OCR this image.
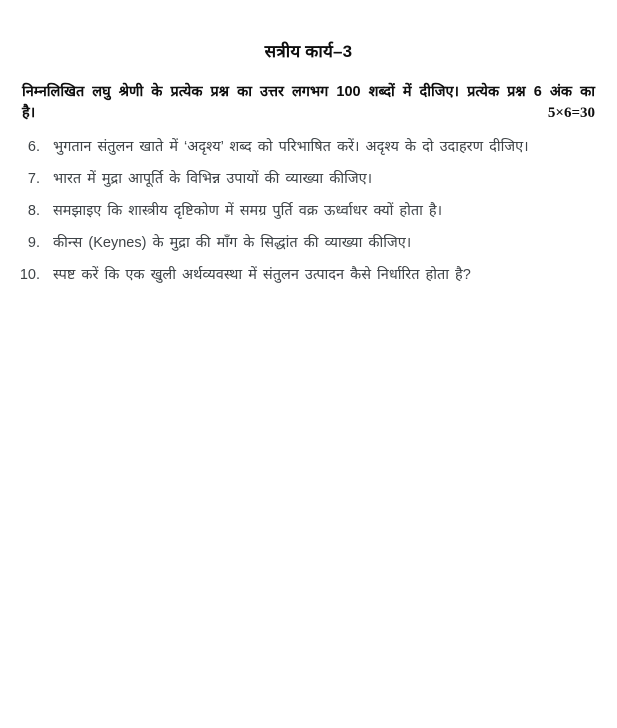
सत्रीय कार्य–3
निम्नलिखित लघु श्रेणी के प्रत्येक प्रश्न का उत्तर लगभग 100 शब्दों में दीजिए। प्रत्येक प्रश्न 6 अंक का
है।	5×6=30
6. भुगतान संतुलन खाते में ‘अदृश्य’ शब्द को परिभाषित करें। अदृश्य के दो उदाहरण दीजिए।
7. भारत में मुद्रा आपूर्ति के विभिन्न उपायों की व्याख्या कीजिए।
8. समझाइए कि शास्त्रीय दृष्टिकोण में समग्र पुर्ति वक्र ऊर्ध्वाधर क्यों होता है।
9. कीन्स (Keynes) के मुद्रा की माँग के सिद्धांत की व्याख्या कीजिए।
10. स्पष्ट करें कि एक खुली अर्थव्यवस्था में संतुलन उत्पादन कैसे निर्धारित होता है?
